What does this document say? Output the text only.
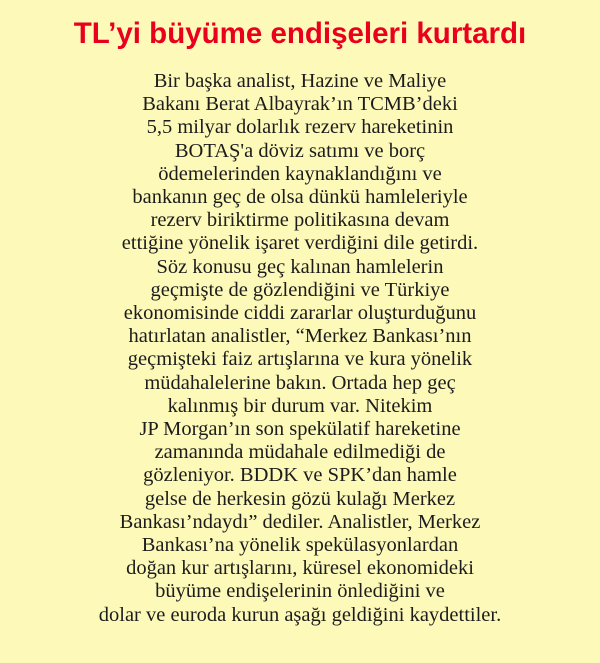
TL’yi büyüme endişeleri kurtardı
Bir başka analist, Hazine ve Maliye
Bakanı Berat Albayrak’ın TCMB’deki
5,5 milyar dolarlık rezerv hareketinin
BOTAŞ'a döviz satımı ve borç
ödemelerinden kaynaklandığını ve
bankanın geç de olsa dünkü hamleleriyle
rezerv biriktirme politikasına devam
ettiğine yönelik işaret verdiğini dile getirdi.
Söz konusu geç kalınan hamlelerin
geçmişte de gözlendiğini ve Türkiye
ekonomisinde ciddi zararlar oluşturduğunu
hatırlatan analistler, “Merkez Bankası’nın
geçmişteki faiz artışlarına ve kura yönelik
müdahalelerine bakın. Ortada hep geç
kalınmış bir durum var. Nitekim
JP Morgan’ın son spekülatif hareketine
zamanında müdahale edilmediği de
gözleniyor. BDDK ve SPK’dan hamle
gelse de herkesin gözü kulağı Merkez
Bankası’ndaydı” dediler. Analistler, Merkez
Bankası’na yönelik spekülasyonlardan
doğan kur artışlarını, küresel ekonomideki
büyüme endişelerinin önlediğini ve
dolar ve euroda kurun aşağı geldiğini kaydettiler.
